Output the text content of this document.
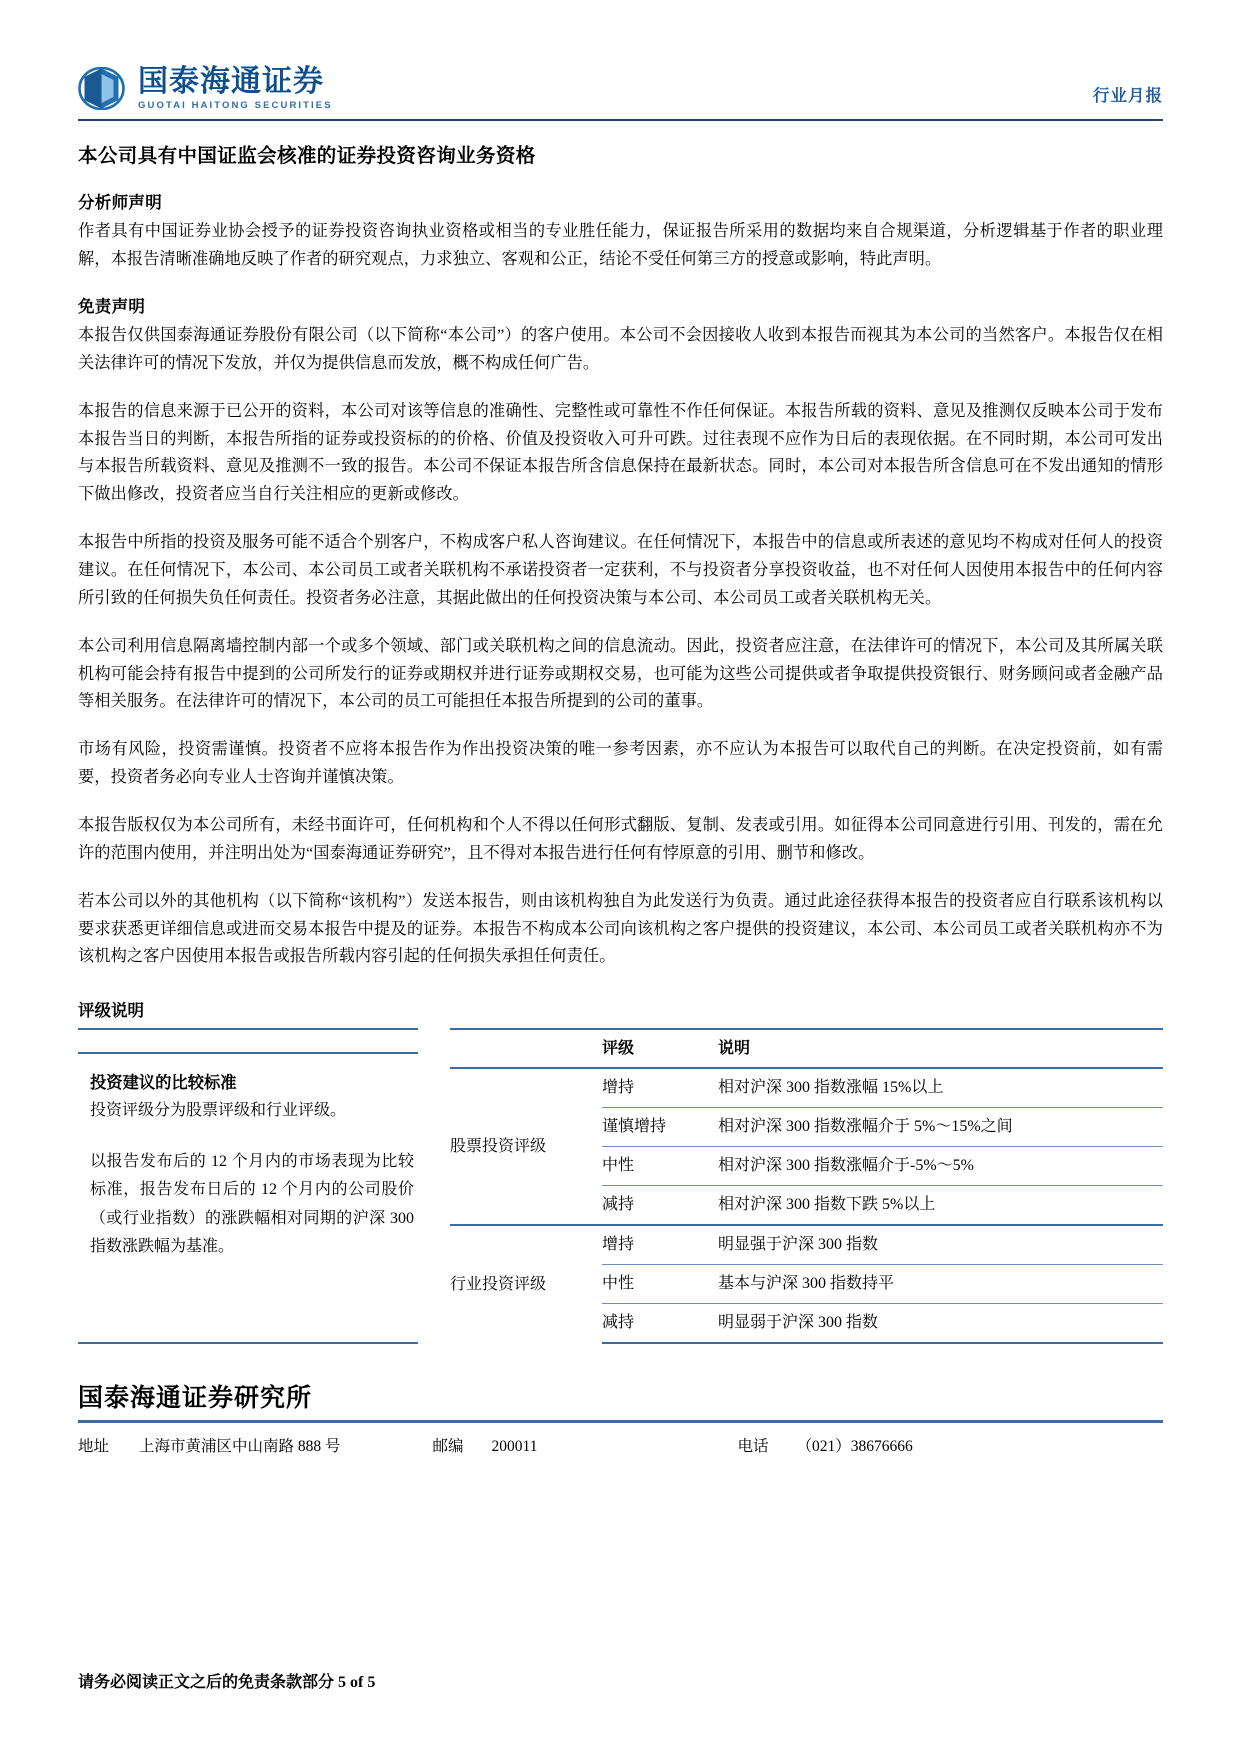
国泰海通证券
GUOTAI HAITONG SECURITIES	行业月报
本公司具有中国证监会核准的证券投资咨询业务资格
分析师声明

作者具有中国证券业协会授予的证券投资咨询执业资格或相当的专业胜任能力，保证报告所采用的数据均来自合规渠道，分析逻辑基于作者的职业理解，本报告清晰准确地反映了作者的研究观点，力求独立、客观和公正，结论不受任何第三方的授意或影响，特此声明。

免责声明

本报告仅供国泰海通证券股份有限公司（以下简称“本公司”）的客户使用。本公司不会因接收人收到本报告而视其为本公司的当然客户。本报告仅在相关法律许可的情况下发放，并仅为提供信息而发放，概不构成任何广告。

本报告的信息来源于已公开的资料，本公司对该等信息的准确性、完整性或可靠性不作任何保证。本报告所载的资料、意见及推测仅反映本公司于发布本报告当日的判断，本报告所指的证券或投资标的的价格、价值及投资收入可升可跌。过往表现不应作为日后的表现依据。在不同时期，本公司可发出与本报告所载资料、意见及推测不一致的报告。本公司不保证本报告所含信息保持在最新状态。同时，本公司对本报告所含信息可在不发出通知的情形下做出修改，投资者应当自行关注相应的更新或修改。

本报告中所指的投资及服务可能不适合个别客户，不构成客户私人咨询建议。在任何情况下，本报告中的信息或所表述的意见均不构成对任何人的投资建议。在任何情况下，本公司、本公司员工或者关联机构不承诺投资者一定获利，不与投资者分享投资收益，也不对任何人因使用本报告中的任何内容所引致的任何损失负任何责任。投资者务必注意，其据此做出的任何投资决策与本公司、本公司员工或者关联机构无关。

本公司利用信息隔离墙控制内部一个或多个领域、部门或关联机构之间的信息流动。因此，投资者应注意，在法律许可的情况下，本公司及其所属关联机构可能会持有报告中提到的公司所发行的证券或期权并进行证券或期权交易，也可能为这些公司提供或者争取提供投资银行、财务顾问或者金融产品等相关服务。在法律许可的情况下，本公司的员工可能担任本报告所提到的公司的董事。

市场有风险，投资需谨慎。投资者不应将本报告作为作出投资决策的唯一参考因素，亦不应认为本报告可以取代自己的判断。在决定投资前，如有需要，投资者务必向专业人士咨询并谨慎决策。

本报告版权仅为本公司所有，未经书面许可，任何机构和个人不得以任何形式翻版、复制、发表或引用。如征得本公司同意进行引用、刊发的，需在允许的范围内使用，并注明出处为“国泰海通证券研究”，且不得对本报告进行任何有悖原意的引用、删节和修改。

若本公司以外的其他机构（以下简称“该机构”）发送本报告，则由该机构独自为此发送行为负责。通过此途径获得本报告的投资者应自行联系该机构以要求获悉更详细信息或进而交易本报告中提及的证券。本报告不构成本公司向该机构之客户提供的投资建议，本公司、本公司员工或者关联机构亦不为该机构之客户因使用本报告或报告所载内容引起的任何损失承担任何责任。

评级说明
投资建议的比较标准

投资评级分为股票评级和行业评级。

以报告发布后的 12 个月内的市场表现为比较标准，报告发布日后的 12 个月内的公司股价（或行业指数）的涨跌幅相对同期的沪深 300 指数涨跌幅为基准。

	评级	说明
股票投资评级	增持	相对沪深 300 指数涨幅 15%以上
	谨慎增持	相对沪深 300 指数涨幅介于 5%～15%之间
	中性	相对沪深 300 指数涨幅介于-5%～5%
	减持	相对沪深 300 指数下跌 5%以上
行业投资评级	增持	明显强于沪深 300 指数
	中性	基本与沪深 300 指数持平
	减持	明显弱于沪深 300 指数
国泰海通证券研究所
地址 上海市黄浦区中山南路 888 号	邮编 200011	电话 （021）38676666
请务必阅读正文之后的免责条款部分 5 of 5
